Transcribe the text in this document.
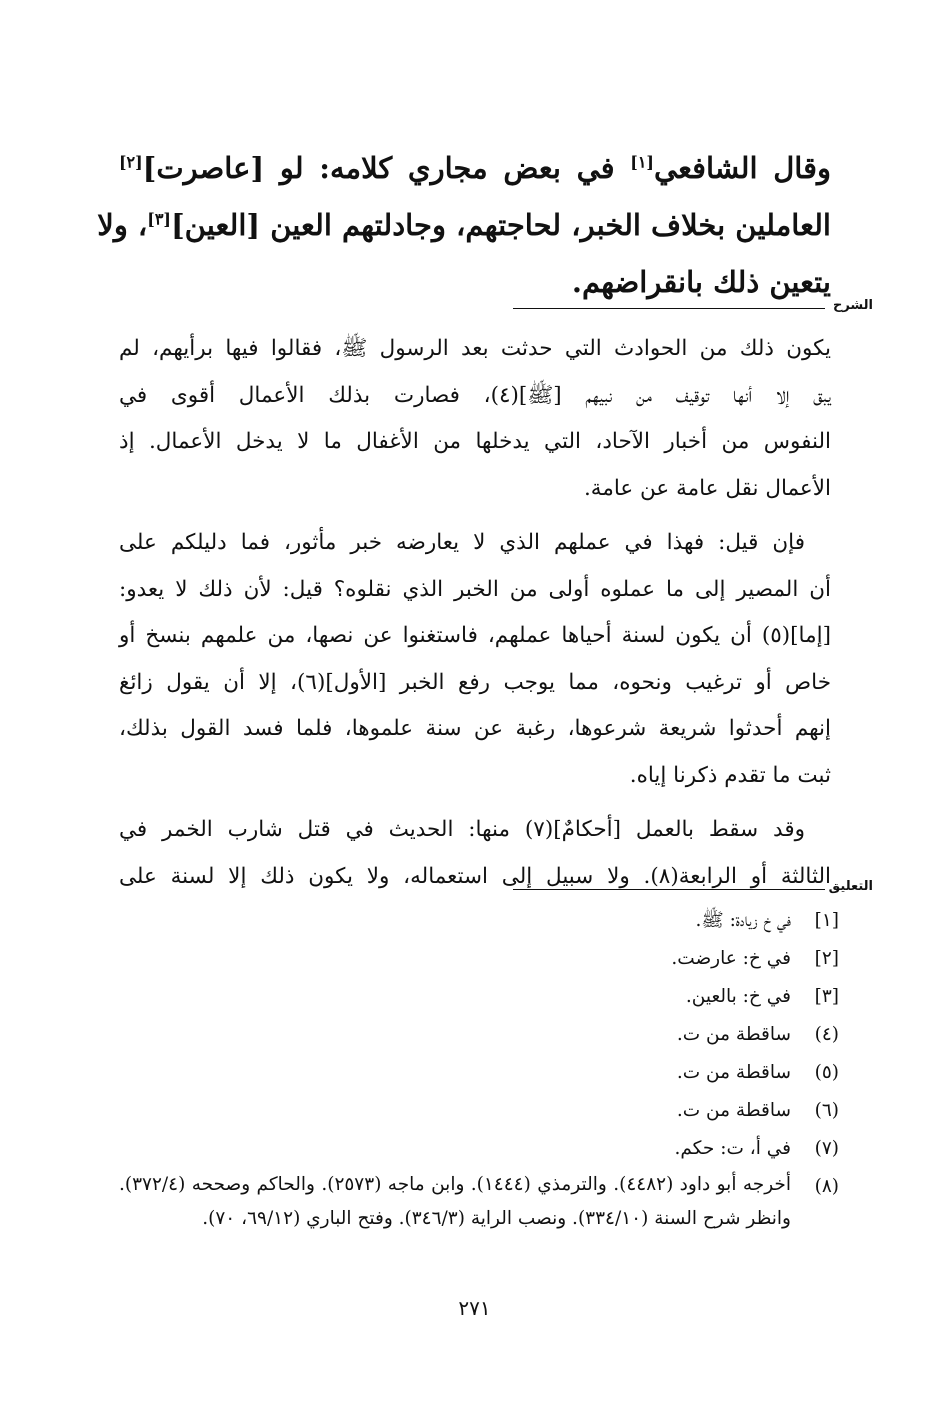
وقال الشافعي[١] في بعض مجاري كلامه: لو [عاصرت][٢]
العاملين بخلاف الخبر، لحاجتهم، وجادلتهم العين [العين][٣]، ولا
يتعين ذلك بانقراضهم.
الشرح

يكون ذلك من الحوادث التي حدثت بعد الرسول ﷺ، فقالوا فيها برأيهم، لم
يبق إلا أنها توقيف من نبيهم [ﷺ](٤)، فصارت بذلك الأعمال أقوى في
النفوس من أخبار الآحاد، التي يدخلها من الأغفال ما لا يدخل الأعمال. إذ
الأعمال نقل عامة عن عامة.

فإن قيل: فهذا في عملهم الذي لا يعارضه خبر مأثور، فما دليلكم على
أن المصير إلى ما عملوه أولى من الخبر الذي نقلوه؟ قيل: لأن ذلك لا يعدو:
[إما](٥) أن يكون لسنة أحياها عملهم، فاستغنوا عن نصها، من علمهم بنسخ أو
خاص أو ترغيب ونحوه، مما يوجب رفع الخبر [الأول](٦)، إلا أن يقول زائغ
إنهم أحدثوا شريعة شرعوها، رغبة عن سنة علموها، فلما فسد القول بذلك،
ثبت ما تقدم ذكرنا إياه.

وقد سقط بالعمل [أحكامٌ](٧) منها: الحديث في قتل شارب الخمر في
الثالثة أو الرابعة(٨). ولا سبيل إلى استعماله، ولا يكون ذلك إلا لسنة على

التعليق
[١]
في خ زيادة: ﷺ.
[٢]
في خ: عارضت.
[٣]
في خ: بالعين.
(٤)
ساقطة من ت.
(٥)
ساقطة من ت.
(٦)
ساقطة من ت.
(٧)
في أ، ت: حكم.
(٨)
أخرجه أبو داود (٤٤٨٢). والترمذي (١٤٤٤). وابن ماجه (٢٥٧٣). والحاكم وصححه (٣٧٢/٤). وانظر شرح السنة (٣٣٤/١٠). ونصب الراية (٣٤٦/٣). وفتح الباري (٦٩/١٢، ٧٠).
٢٧١
